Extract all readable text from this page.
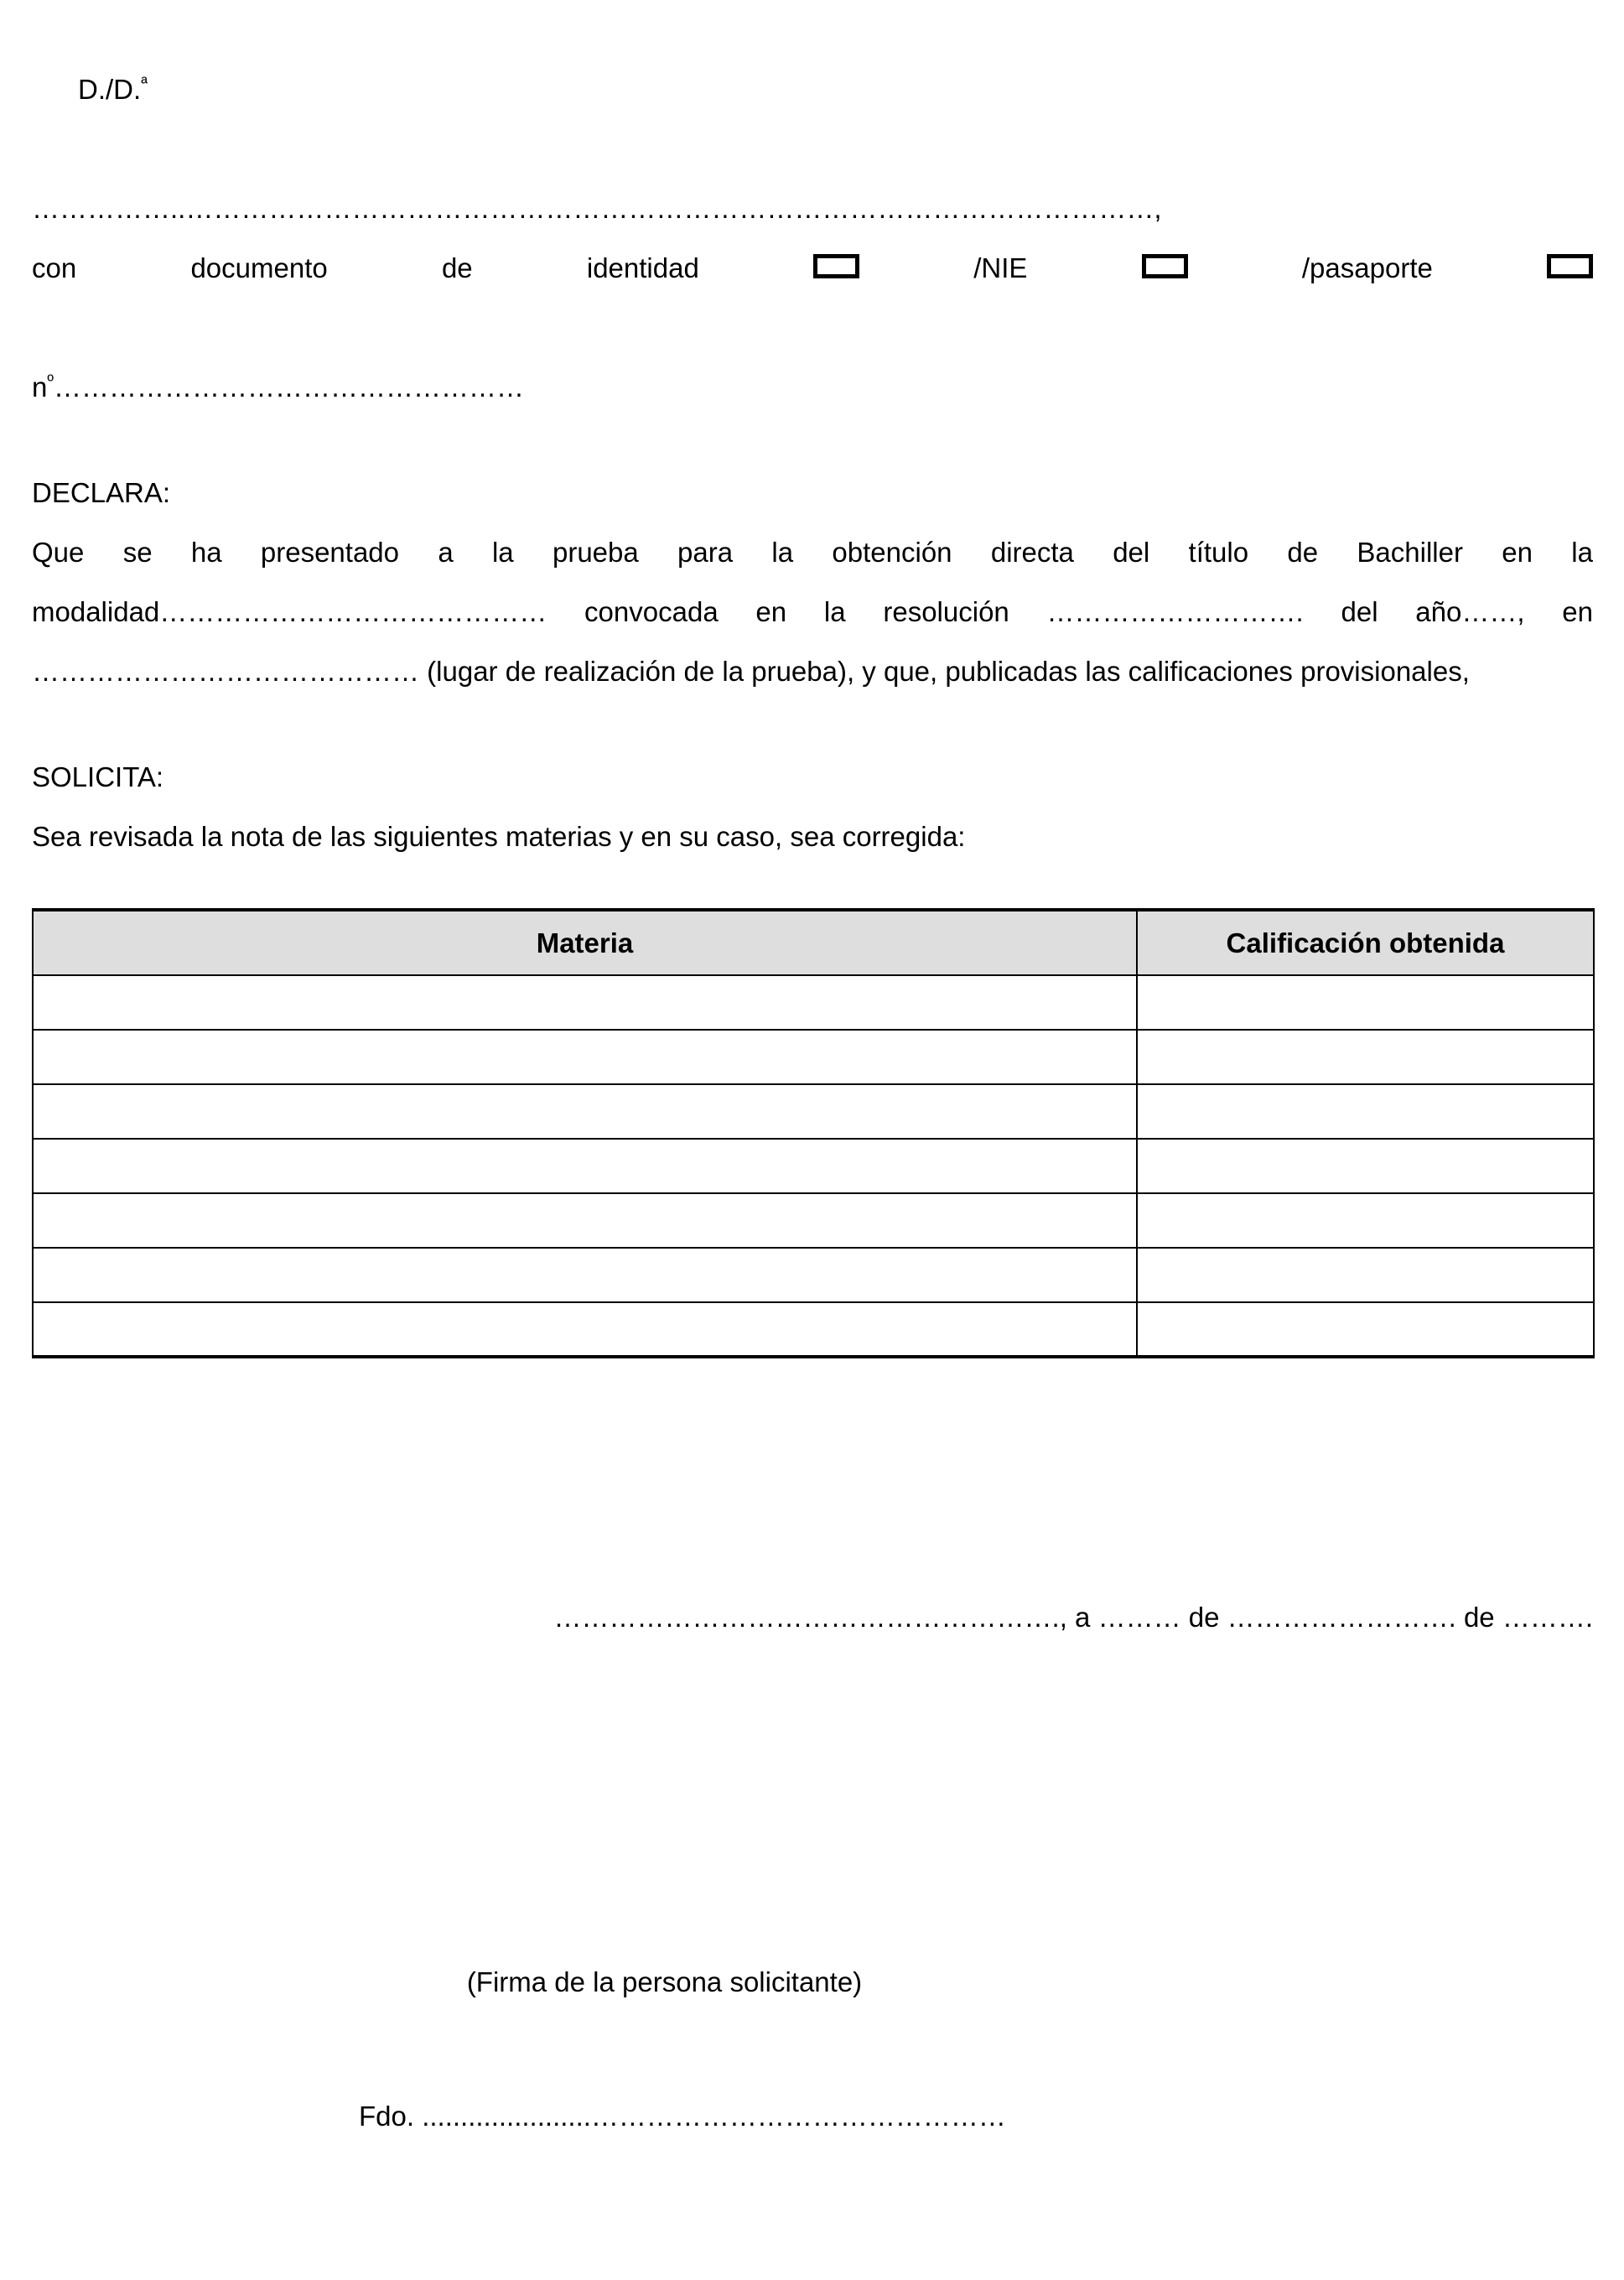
D./D.$^ª$

……………..……………………………………………………………………………………………,
con	documento	de	identidad	/NIE	/pasaporte
$n^º\dots\dots\dots\dots\dots\dots\dots\dots\dots\dots\dots\dots\dots\dots\dots\dots\dots$
DECLARA:
Que se ha presentado a la prueba para la obtención directa del título de Bachiller en la modalidad…………………………………… convocada en la resolución ………………………. del año……, en …………………………………… (lugar de realización de la prueba), y que, publicadas las calificaciones provisionales,
SOLICITA:
Sea revisada la nota de las siguientes materias y en su caso, sea corregida:
Materia	Calificación obtenida

………………………………………………., a ……… de ……………………. de ……….
(Firma de la persona solicitante)
Fdo. ......................………………………………………
